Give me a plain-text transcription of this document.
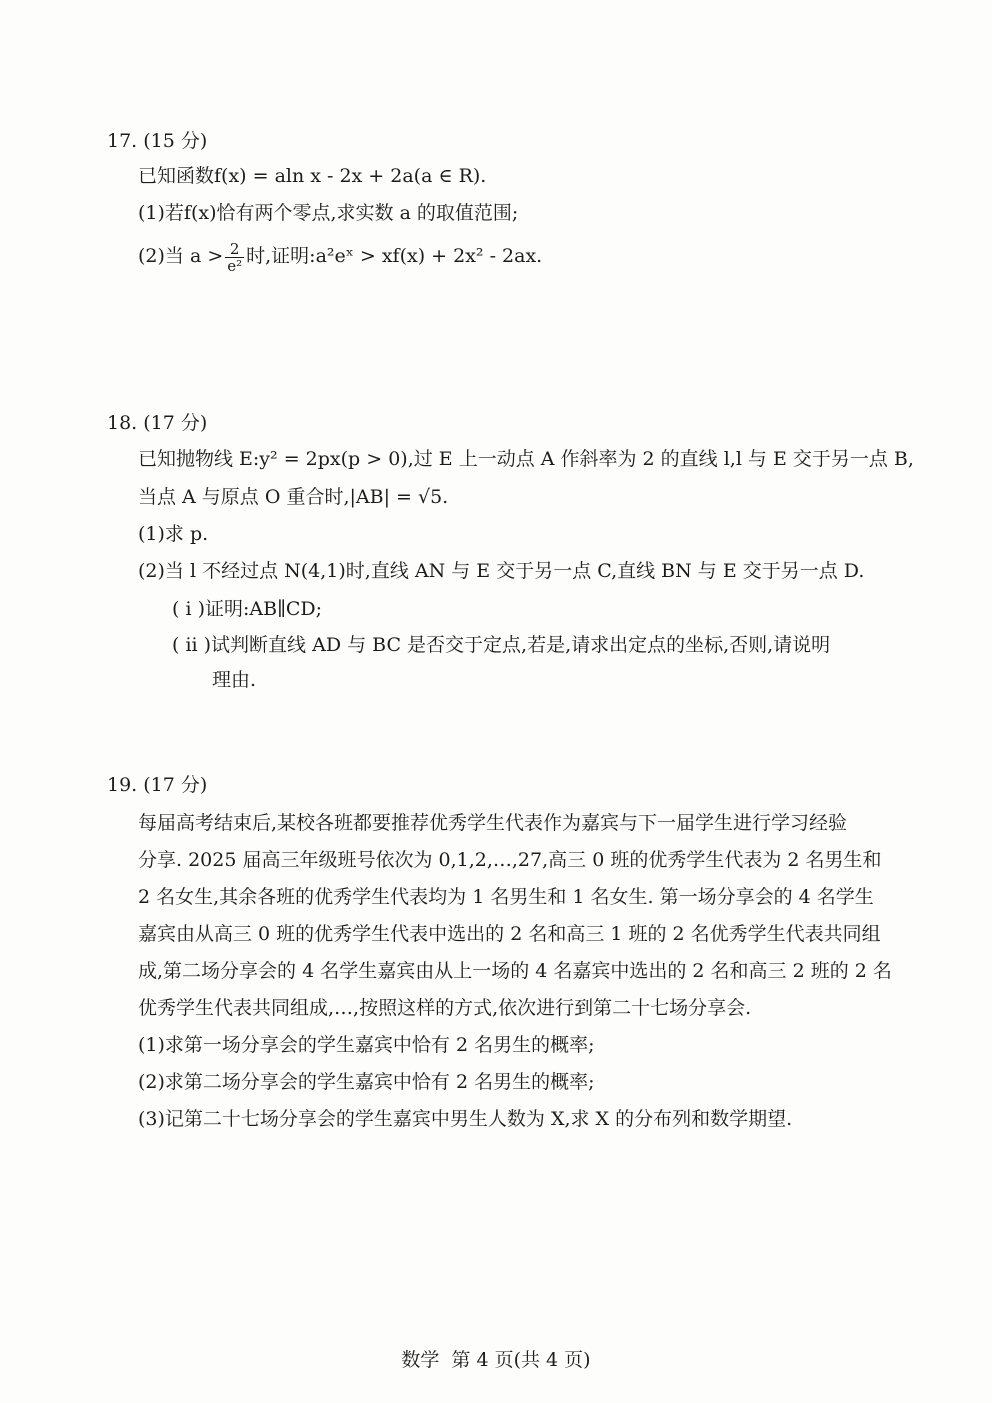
17. (15 分)
已知函数f(x) = aln x - 2x + 2a(a ∈ R).
(1)若f(x)恰有两个零点,求实数 a 的取值范围;
(2)当 $a > \frac{2}{\text{e²}}$ 时,证明:a²eˣ > xf(x) + 2x² - 2ax.
18. (17 分)
已知抛物线 E:y² = 2px(p > 0),过 E 上一动点 A 作斜率为 2 的直线 l,l 与 E 交于另一点 B,
当点 A 与原点 O 重合时,|AB| = √5.
(1)求 p.
(2)当 l 不经过点 N(4,1)时,直线 AN 与 E 交于另一点 C,直线 BN 与 E 交于另一点 D.
( i )证明:AB∥CD;
( ii )试判断直线 AD 与 BC 是否交于定点,若是,请求出定点的坐标,否则,请说明
理由.
19. (17 分)
每届高考结束后,某校各班都要推荐优秀学生代表作为嘉宾与下一届学生进行学习经验
分享. 2025 届高三年级班号依次为 0,1,2,…,27,高三 0 班的优秀学生代表为 2 名男生和
2 名女生,其余各班的优秀学生代表均为 1 名男生和 1 名女生. 第一场分享会的 4 名学生
嘉宾由从高三 0 班的优秀学生代表中选出的 2 名和高三 1 班的 2 名优秀学生代表共同组
成,第二场分享会的 4 名学生嘉宾由从上一场的 4 名嘉宾中选出的 2 名和高三 2 班的 2 名
优秀学生代表共同组成,…,按照这样的方式,依次进行到第二十七场分享会.
(1)求第一场分享会的学生嘉宾中恰有 2 名男生的概率;
(2)求第二场分享会的学生嘉宾中恰有 2 名男生的概率;
(3)记第二十七场分享会的学生嘉宾中男生人数为 X,求 X 的分布列和数学期望.
数学 第 4 页(共 4 页)
